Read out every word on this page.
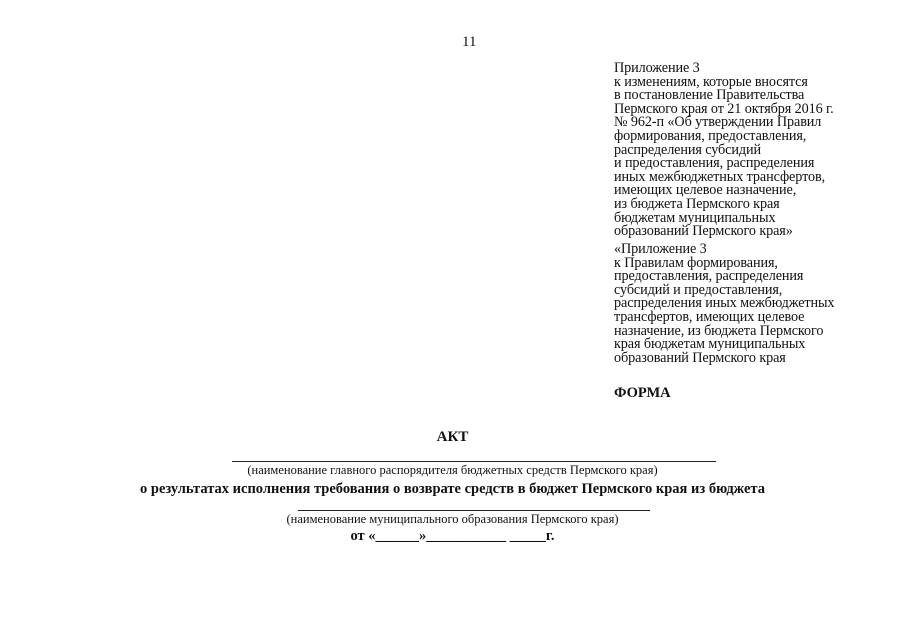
11
Приложение 3
к изменениям, которые вносятся
в постановление Правительства
Пермского края от 21 октября 2016 г.
№ 962-п «Об утверждении Правил
формирования, предоставления,
распределения субсидий
и предоставления, распределения
иных межбюджетных трансфертов,
имеющих целевое назначение,
из бюджета Пермского края
бюджетам муниципальных
образований Пермского края»
«Приложение 3
к Правилам формирования,
предоставления, распределения
субсидий и предоставления,
распределения иных межбюджетных
трансфертов, имеющих целевое
назначение, из бюджета Пермского
края бюджетам муниципальных
образований Пермского края
ФОРМА
АКТ
(наименование главного распорядителя бюджетных средств Пермского края)
о результатах исполнения требования о возврате средств в бюджет Пермского края из бюджета
(наименование муниципального образования Пермского края)
от «______»___________ _____г.
